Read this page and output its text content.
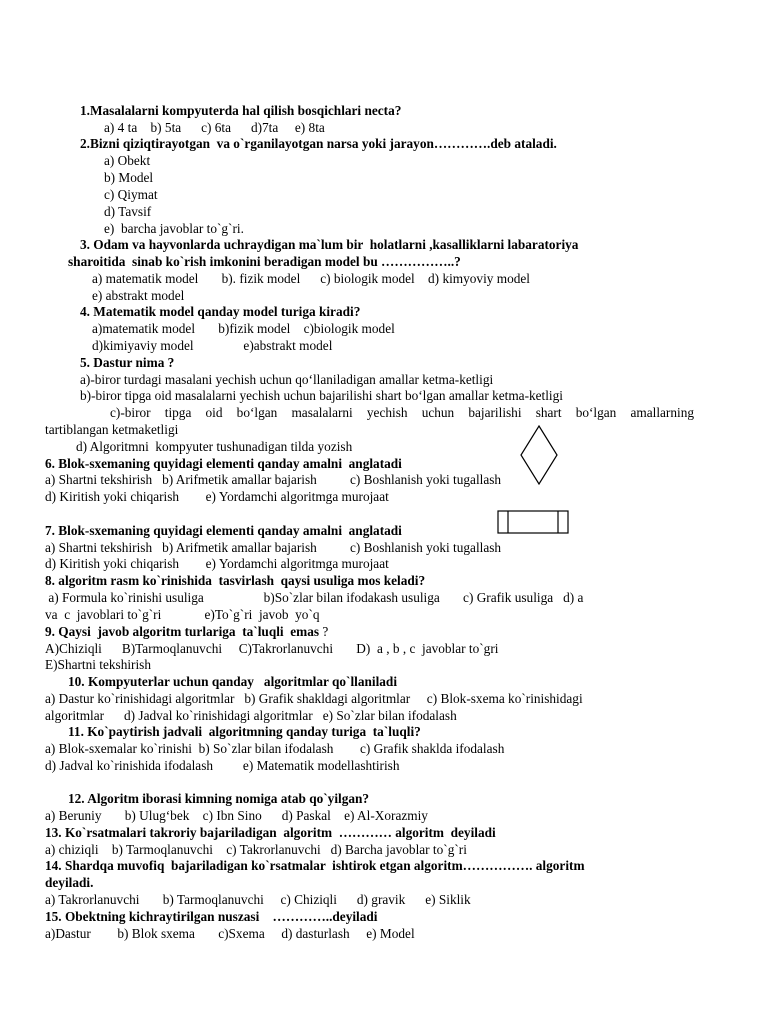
1.Masalalarni kompyuterda hal qilish bosqichlari necta?
a) 4 ta    b) 5ta      c) 6ta      d)7ta     e) 8ta
2.Bizni qiziqtirayotgan  va o`rganilayotgan narsa yoki jarayon………….deb ataladi.
a) Obekt
b) Model
c) Qiymat
d) Tavsif
e)  barcha javoblar to`g`ri.
3. Odam va hayvonlarda uchraydigan ma`lum bir  holatlarni ,kasalliklarni labaratoriya
sharoitida  sinab ko`rish imkonini beradigan model bu ……………..?
a) matematik model       b). fizik model      c) biologik model    d) kimyoviy model
e) abstrakt model
4. Matematik model qanday model turiga kiradi?
a)matematik model       b)fizik model    c)biologik model
d)kimiyaviy model               e)abstrakt model
5. Dastur nima ?
a)-biror turdagi masalani yechish uchun qo‘llaniladigan amallar ketma-ketligi
b)-biror tipga oid masalalarni yechish uchun bajarilishi shart bo‘lgan amallar ketma-ketligi
c)-biror tipga oid bo‘lgan masalalarni yechish uchun bajarilishi shart bo‘lgan amallarning
tartiblangan ketmaketligi
d) Algoritmni  kompyuter tushunadigan tilda yozish
6. Blok-sxemaning quyidagi elementi qanday amalni  anglatadi
a) Shartni tekshirish   b) Arifmetik amallar bajarish          c) Boshlanish yoki tugallash
d) Kiritish yoki chiqarish        e) Yordamchi algoritmga murojaat
7. Blok-sxemaning quyidagi elementi qanday amalni  anglatadi
a) Shartni tekshirish   b) Arifmetik amallar bajarish          c) Boshlanish yoki tugallash
d) Kiritish yoki chiqarish        e) Yordamchi algoritmga murojaat
8. algoritm rasm ko`rinishida  tasvirlash  qaysi usuliga mos keladi?
a) Formula ko`rinishi usuliga                  b)So`zlar bilan ifodakash usuliga       c) Grafik usuliga   d) a
va  c  javoblari to`g`ri             e)To`g`ri  javob  yo`q
9. Qaysi  javob algoritm turlariga  ta`luqli  emas ?
A)Chiziqli      B)Tarmoqlanuvchi     C)Takrorlanuvchi       D)  a , b , c  javoblar to`gri
E)Shartni tekshirish
10. Kompyuterlar uchun qanday   algoritmlar qo`llaniladi
a) Dastur ko`rinishidagi algoritmlar   b) Grafik shakldagi algoritmlar     c) Blok-sxema ko`rinishidagi
algoritmlar      d) Jadval ko`rinishidagi algoritmlar   e) So`zlar bilan ifodalash
11. Ko`paytirish jadvali  algoritmning qanday turiga  ta`luqli?
a) Blok-sxemalar ko`rinishi  b) So`zlar bilan ifodalash        c) Grafik shaklda ifodalash
d) Jadval ko`rinishida ifodalash         e) Matematik modellashtirish
12. Algoritm iborasi kimning nomiga atab qo`yilgan?
a) Beruniy       b) Ulug‘bek    c) Ibn Sino      d) Paskal    e) Al-Xorazmiy
13. Ko`rsatmalari takroriy bajariladigan  algoritm  ………… algoritm  deyiladi
a) chiziqli    b) Tarmoqlanuvchi    c) Takrorlanuvchi   d) Barcha javoblar to`g`ri
14. Shardqa muvofiq  bajariladigan ko`rsatmalar  ishtirok etgan algoritm……………. algoritm
deyiladi.
a) Takrorlanuvchi       b) Tarmoqlanuvchi     c) Chiziqli      d) gravik      e) Siklik
15. Obektning kichraytirilgan nuszasi    …………..deyiladi
a)Dastur        b) Blok sxema       c)Sxema     d) dasturlash     e) Model
